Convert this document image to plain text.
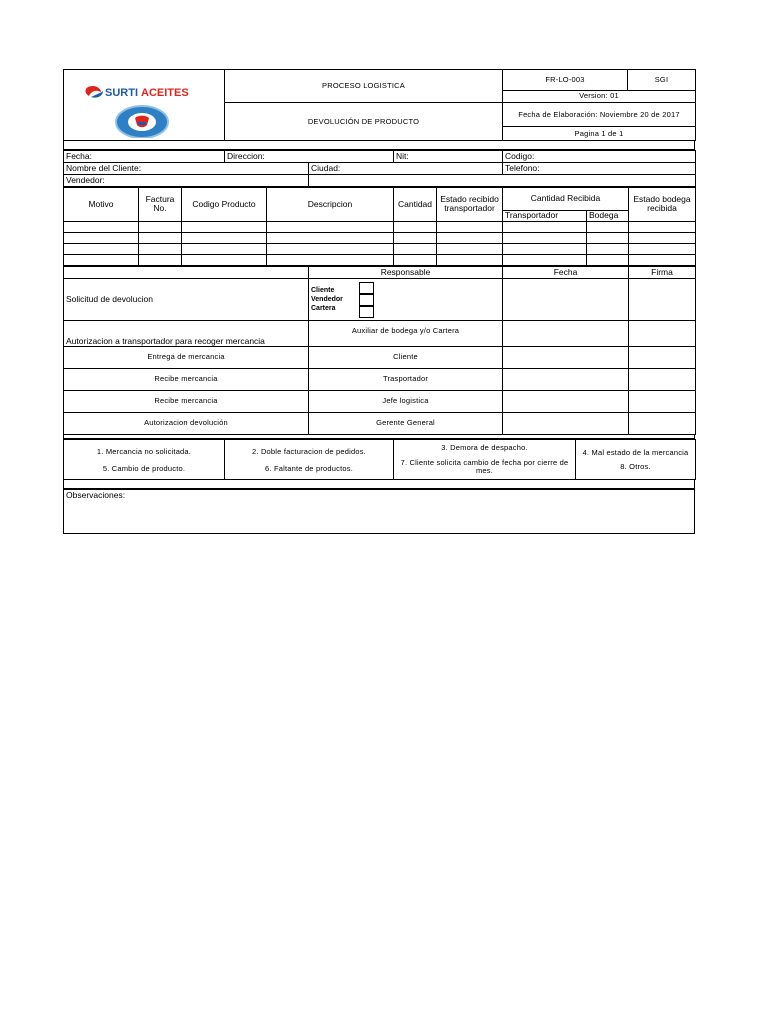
SURTI ACEITES	PROCESO LOGISTICA	FR-LO-003	SGI
		Version: 01	
	DEVOLUCIÓN DE PRODUCTO	Fecha de Elaboración: Noviembre 20 de 2017	
		Pagina 1 de 1	
Fecha:	Direccion:		Nit:	Codigo:
Nombre del Cliente:		Ciudad:		Telefono:
Vendedor:				
Motivo	Factura No.	Codigo Producto	Descripcion	Cantidad	Estado recibido transportador	Cantidad Recibida		Estado bodega recibida
						Transportador	Bodega	

	Responsable	Fecha	Firma
Solicitud de devolucion	Cliente
Vendedor
Cartera		

Autorizacion a transportador para recoger mercancia	Auxiliar de bodega y/o Cartera		
Entrega de mercancia	Cliente		
Recibe mercancia	Trasportador		
Recibe mercancia	Jefe logistica		
Autorizacion devolución	Gerente General		
1. Mercancia no solicitada.
5. Cambio de producto.

2. Doble facturacion de pedidos.
6. Faltante de productos.

3. Demora de despacho.
7. Cliente solicita cambio de fecha por cierre de mes.

4. Mal estado de la mercancia
8. Otros.
Observaciones:
